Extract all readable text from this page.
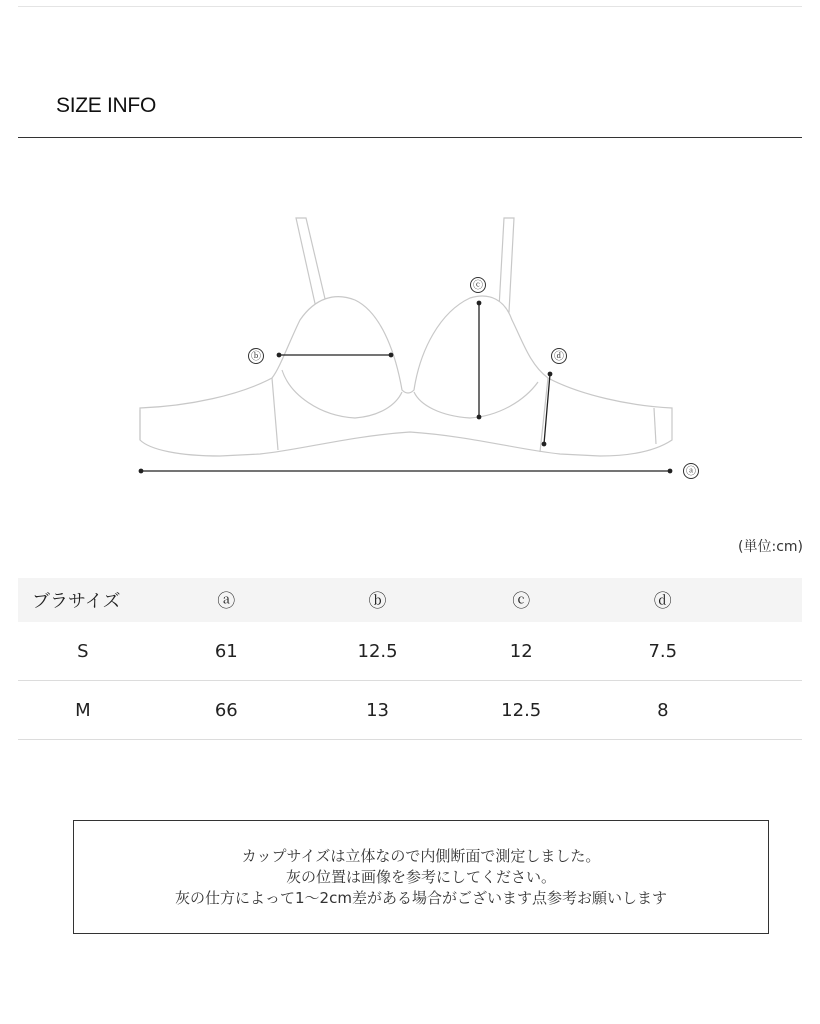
SIZE INFO
ⓐ
ⓑ
ⓒ
ⓓ
(単位:cm)
ブラサイズ	ⓐ	ⓑ	ⓒ	ⓓ	
S	61	12.5	12	7.5	
M	66	13	12.5	8	
カップサイズは立体なので内側断面で測定しました。
灰の位置は画像を参考にしてください。
灰の仕方によって1～2cm差がある場合がございます点参考お願いします
